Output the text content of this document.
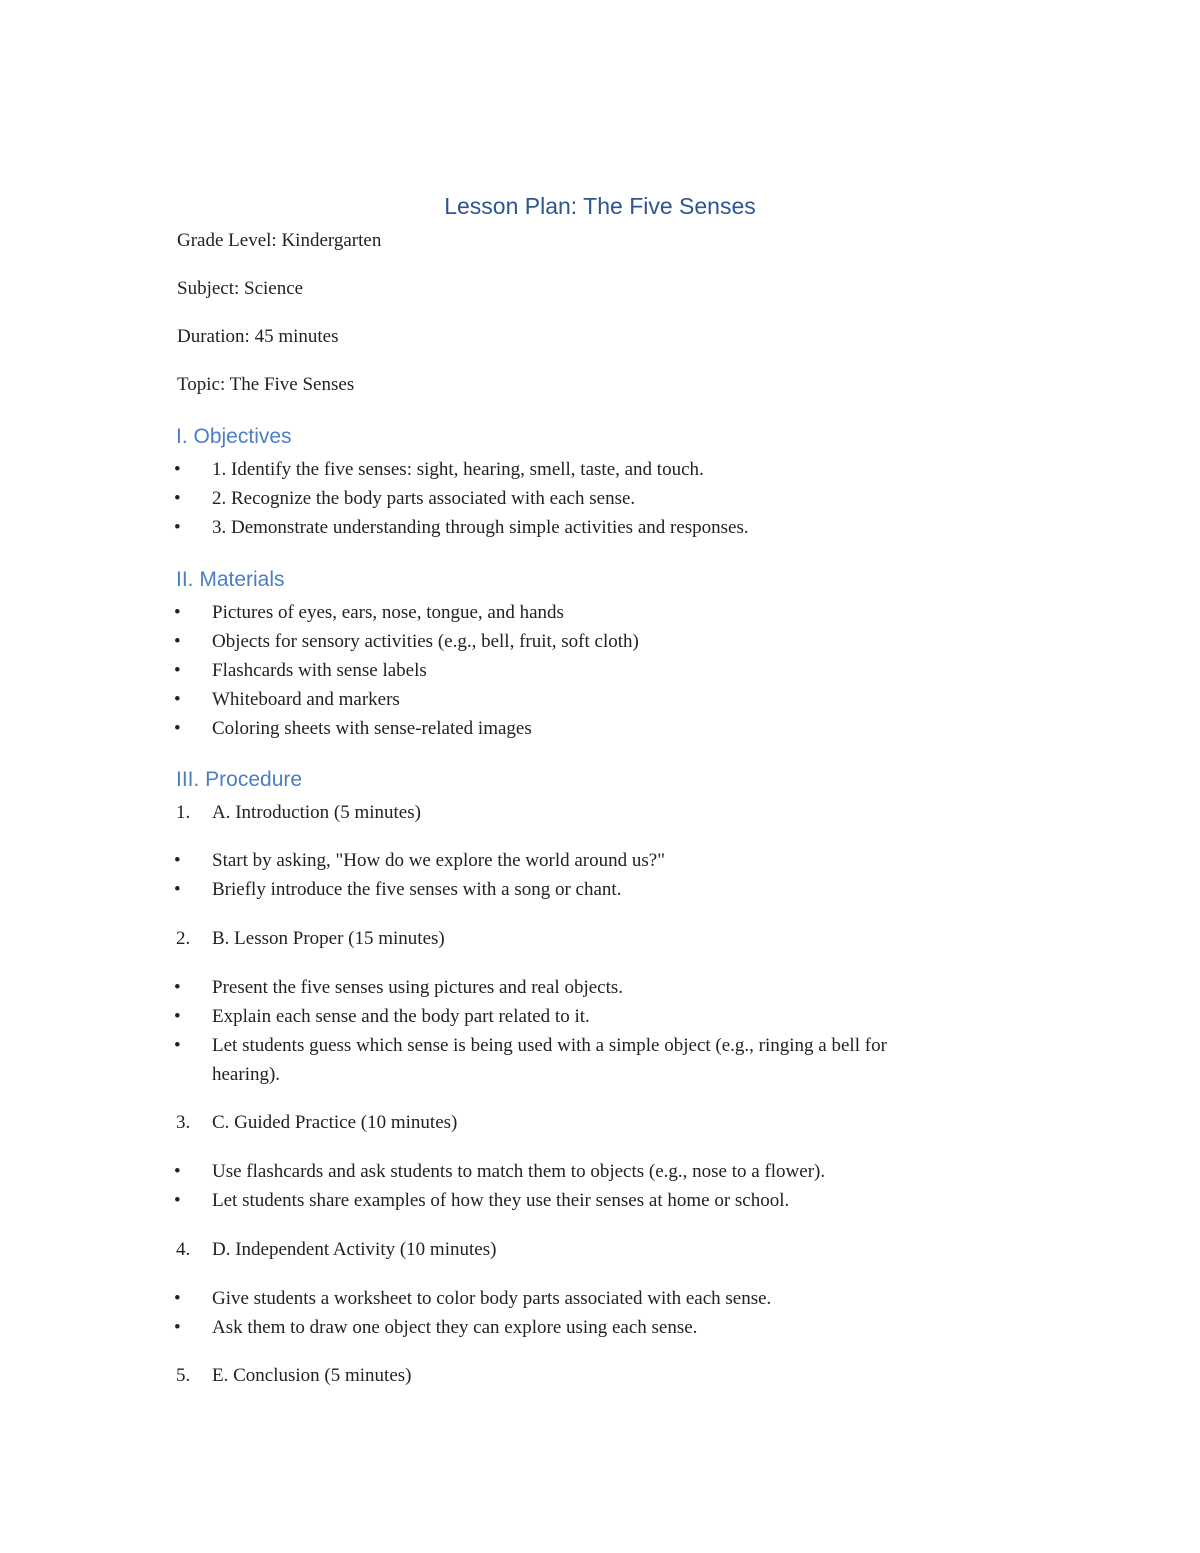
Lesson Plan: The Five Senses
Grade Level: Kindergarten
Subject: Science
Duration: 45 minutes
Topic: The Five Senses
I. Objectives
•	1. Identify the five senses: sight, hearing, smell, taste, and touch.
•	2. Recognize the body parts associated with each sense.
•	3. Demonstrate understanding through simple activities and responses.
II. Materials
•	Pictures of eyes, ears, nose, tongue, and hands
•	Objects for sensory activities (e.g., bell, fruit, soft cloth)
•	Flashcards with sense labels
•	Whiteboard and markers
•	Coloring sheets with sense-related images
III. Procedure
1. A. Introduction (5 minutes)
•	Start by asking, "How do we explore the world around us?"
•	Briefly introduce the five senses with a song or chant.
2. B. Lesson Proper (15 minutes)
•	Present the five senses using pictures and real objects.
•	Explain each sense and the body part related to it.
•	Let students guess which sense is being used with a simple object (e.g., ringing a bell for
hearing).
3. C. Guided Practice (10 minutes)
•	Use flashcards and ask students to match them to objects (e.g., nose to a flower).
•	Let students share examples of how they use their senses at home or school.
4. D. Independent Activity (10 minutes)
•	Give students a worksheet to color body parts associated with each sense.
•	Ask them to draw one object they can explore using each sense.
5. E. Conclusion (5 minutes)
